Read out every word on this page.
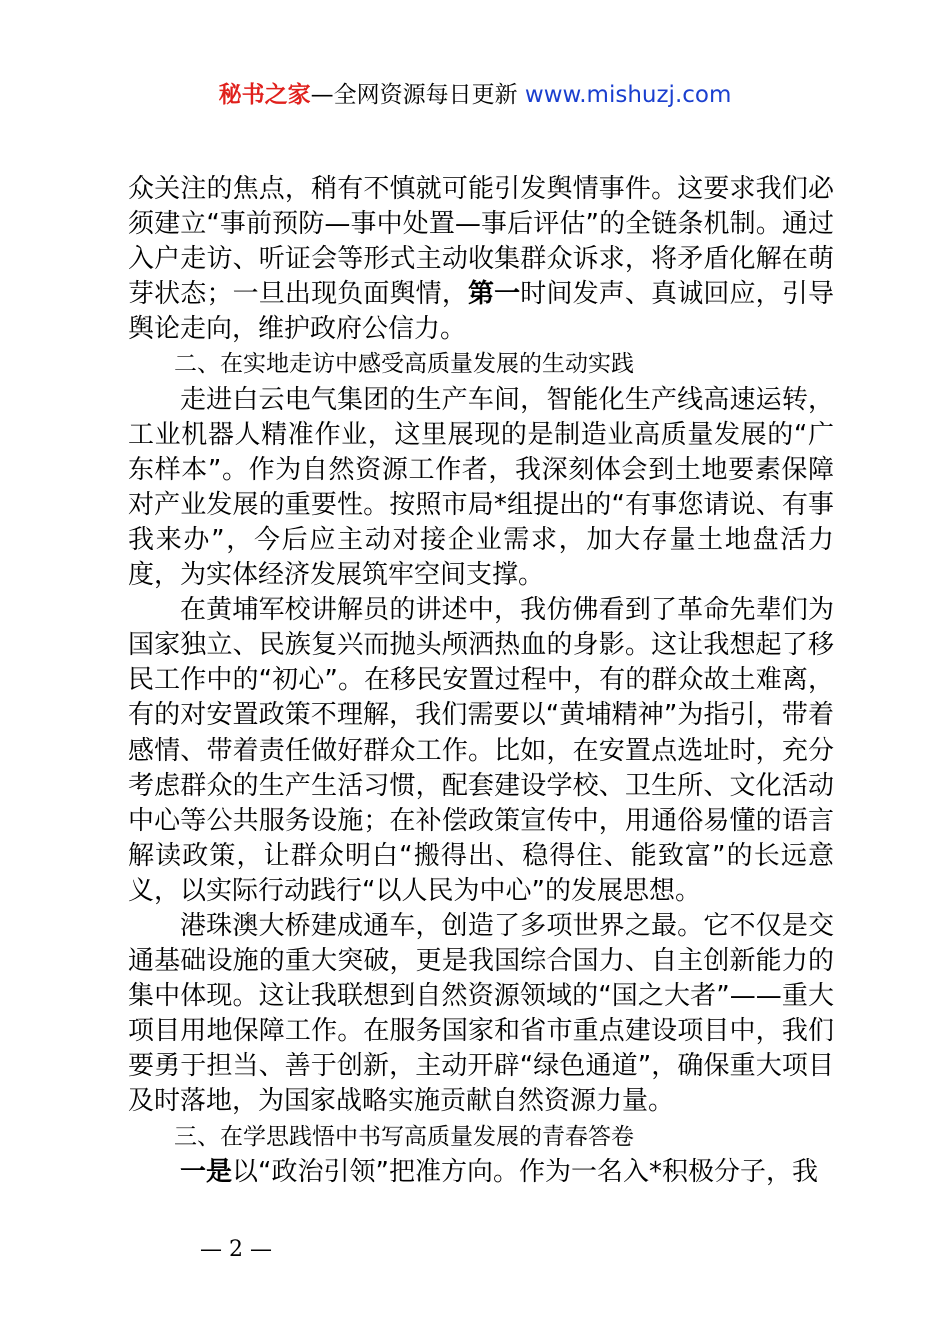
秘书之家—全网资源每日更新 www.mishuzj.com

众关注的焦点，稍有不慎就可能引发舆情事件。这要求我们必须建立“事前预防—事中处置—事后评估”的全链条机制。通过入户走访、听证会等形式主动收集群众诉求，将矛盾化解在萌芽状态；一旦出现负面舆情，第一时间发声、真诚回应，引导舆论走向，维护政府公信力。

二、在实地走访中感受高质量发展的生动实践

走进白云电气集团的生产车间，智能化生产线高速运转，工业机器人精准作业，这里展现的是制造业高质量发展的“广东样本”。作为自然资源工作者，我深刻体会到土地要素保障对产业发展的重要性。按照市局*组提出的“有事您请说、有事我来办”，今后应主动对接企业需求，加大存量土地盘活力度，为实体经济发展筑牢空间支撑。

在黄埔军校讲解员的讲述中，我仿佛看到了革命先辈们为国家独立、民族复兴而抛头颅洒热血的身影。这让我想起了移民工作中的“初心”。在移民安置过程中，有的群众故土难离，有的对安置政策不理解，我们需要以“黄埔精神”为指引，带着感情、带着责任做好群众工作。比如，在安置点选址时，充分考虑群众的生产生活习惯，配套建设学校、卫生所、文化活动中心等公共服务设施；在补偿政策宣传中，用通俗易懂的语言解读政策，让群众明白“搬得出、稳得住、能致富”的长远意义，以实际行动践行“以人民为中心”的发展思想。

港珠澳大桥建成通车，创造了多项世界之最。它不仅是交通基础设施的重大突破，更是我国综合国力、自主创新能力的集中体现。这让我联想到自然资源领域的“国之大者”——重大项目用地保障工作。在服务国家和省市重点建设项目中，我们要勇于担当、善于创新，主动开辟“绿色通道”，确保重大项目及时落地，为国家战略实施贡献自然资源力量。

三、在学思践悟中书写高质量发展的青春答卷

一是以“政治引领”把准方向。作为一名入*积极分子，我

— 2 —
